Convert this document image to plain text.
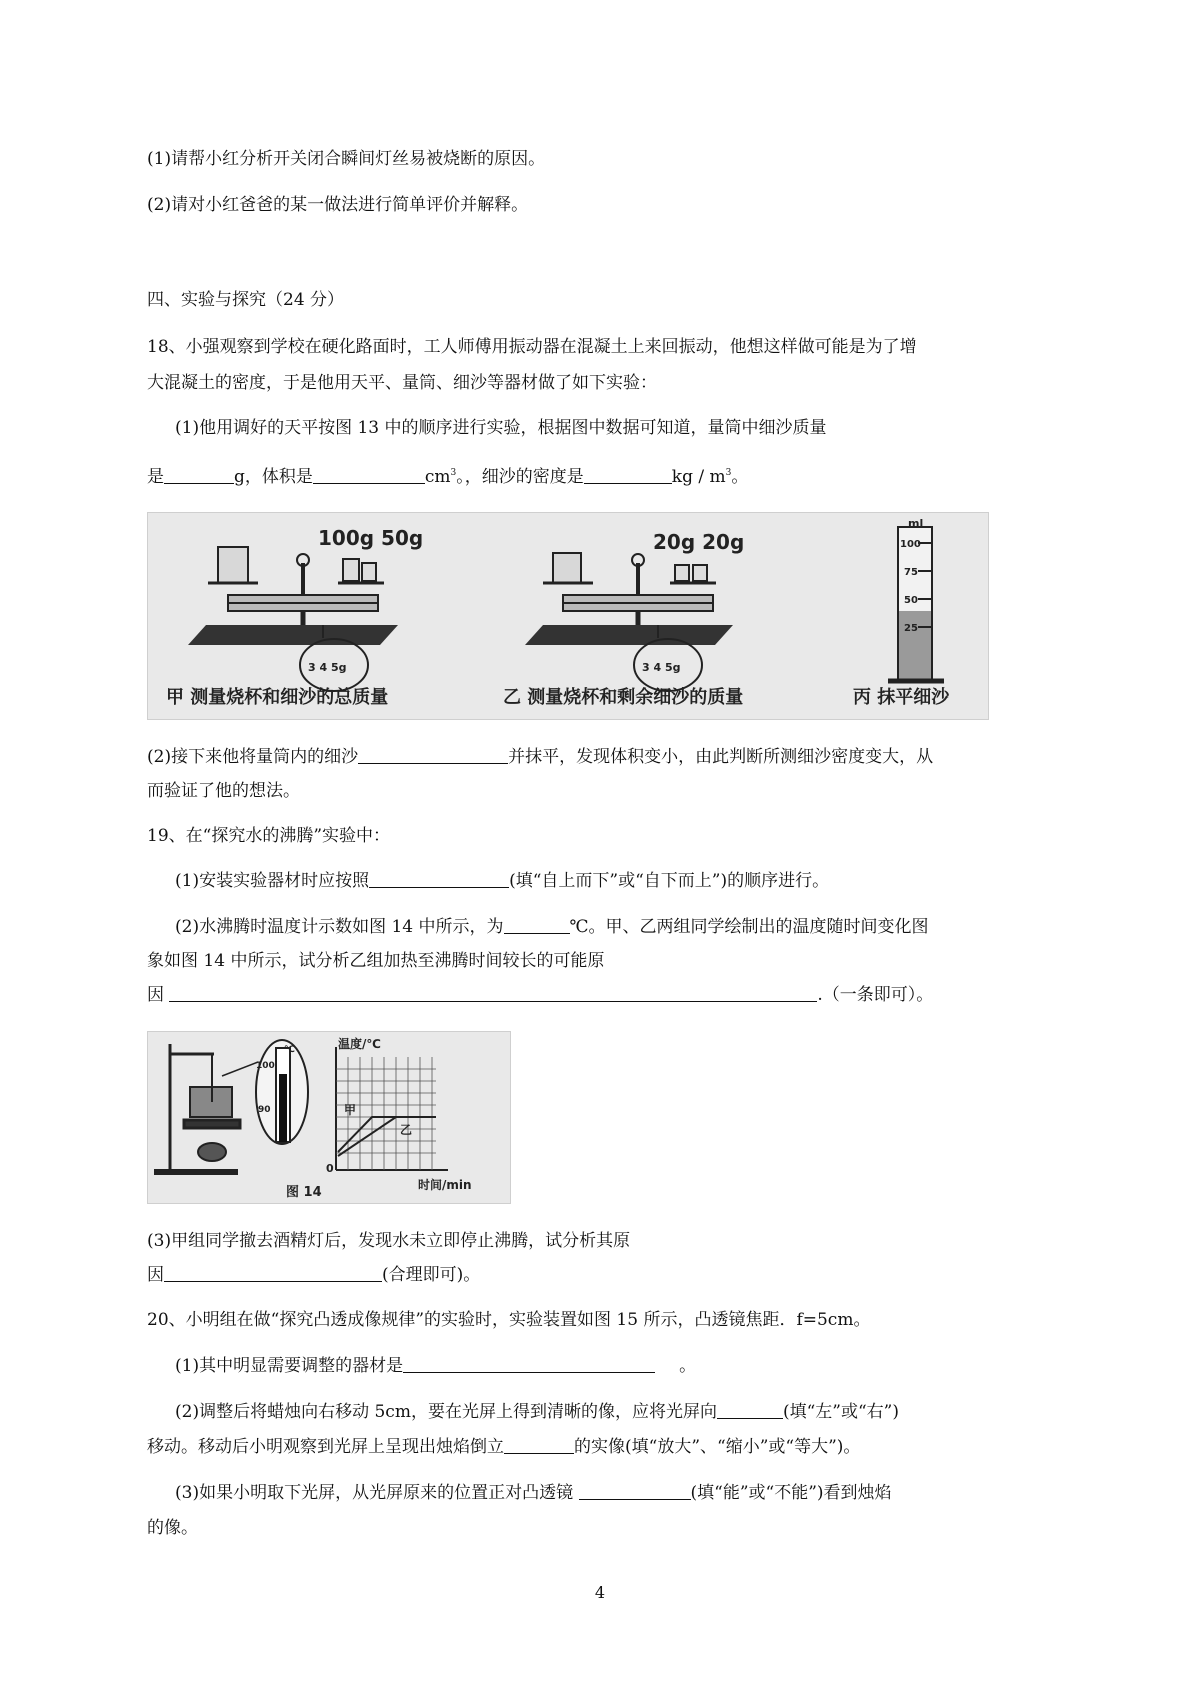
(1)请帮小红分析开关闭合瞬间灯丝易被烧断的原因。
(2)请对小红爸爸的某一做法进行简单评价并解释。
四、实验与探究（24 分）
18、小强观察到学校在硬化路面时，工人师傅用振动器在混凝土上来回振动，他想这样做可能是为了增
大混凝土的密度，于是他用天平、量筒、细沙等器材做了如下实验：
(1)他用调好的天平按图 13 中的顺序进行实验，根据图中数据可知道，量筒中细沙质量
是	g，体积是	$cm^3$。，细沙的密度是	kg / $m^3$。
100g 50g
3 4 5g
20g 20g
3 4 5g
ml
100
75
50
25
甲 测量烧杯和细沙的总质量	乙 测量烧杯和剩余细沙的质量	丙 抹平细沙
(2)接下来他将量筒内的细沙	并抹平，发现体积变小，由此判断所测细沙密度变大，从
而验证了他的想法。
19、在“探究水的沸腾”实验中：
(1)安装实验器材时应按照	(填“自上而下”或“自下而上”)的顺序进行。
(2)水沸腾时温度计示数如图 14 中所示，为	℃。甲、乙两组同学绘制出的温度随时间变化图
象如图 14 中所示，试分析乙组加热至沸腾时间较长的可能原
因	.（一条即可）。
℃
100
90
温度/℃
时间/min
0
甲
乙
图 14
(3)甲组同学撤去酒精灯后，发现水未立即停止沸腾，试分析其原
因	(合理即可)。
20、小明组在做“探究凸透成像规律”的实验时，实验装置如图 15 所示，凸透镜焦距．f=5cm。
(1)其中明显需要调整的器材是	。
(2)调整后将蜡烛向右移动 5cm，要在光屏上得到清晰的像，应将光屏向	(填“左”或“右”)
移动。移动后小明观察到光屏上呈现出烛焰倒立	的实像(填“放大”、“缩小”或“等大”)。
(3)如果小明取下光屏，从光屏原来的位置正对凸透镜	(填“能”或“不能”)看到烛焰
的像。
4
